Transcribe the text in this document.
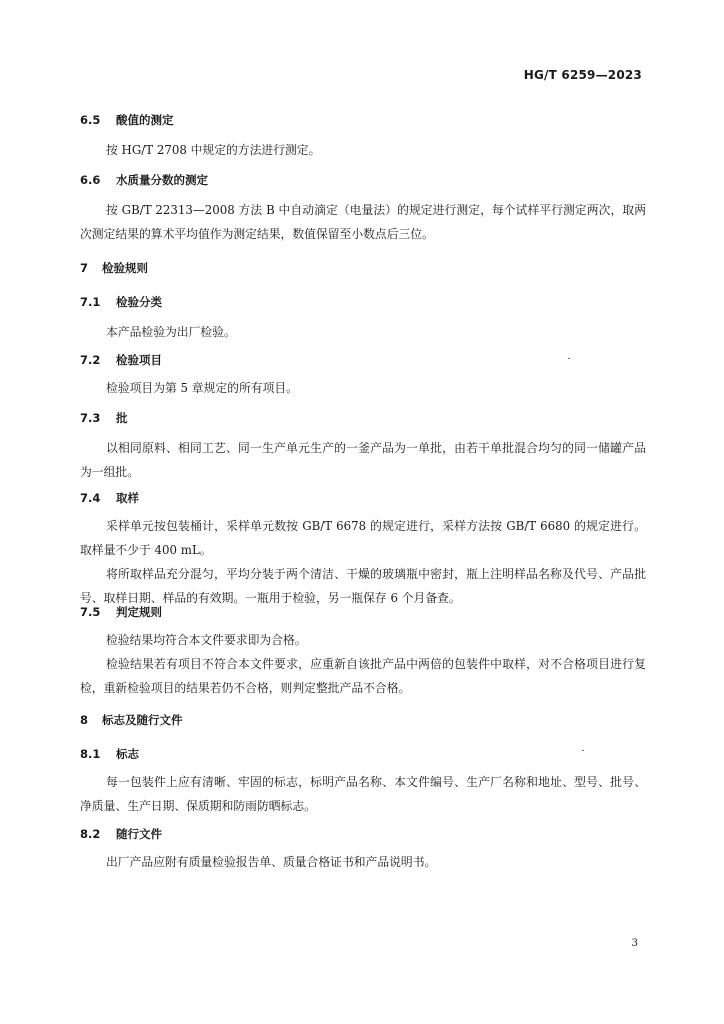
HG/T 6259—2023
6.5 酸值的测定
按 HG/T 2708 中规定的方法进行测定。
6.6 水质量分数的测定
按 GB/T 22313—2008 方法 B 中自动滴定（电量法）的规定进行测定，每个试样平行测定两次，取两次测定结果的算术平均值作为测定结果，数值保留至小数点后三位。
7 检验规则
7.1 检验分类
本产品检验为出厂检验。
7.2 检验项目
检验项目为第 5 章规定的所有项目。
7.3 批
以相同原料、相同工艺、同一生产单元生产的一釜产品为一单批，由若干单批混合均匀的同一储罐产品为一组批。
7.4 取样
采样单元按包装桶计，采样单元数按 GB/T 6678 的规定进行，采样方法按 GB/T 6680 的规定进行。取样量不少于 400 mL。
将所取样品充分混匀，平均分装于两个清洁、干燥的玻璃瓶中密封，瓶上注明样品名称及代号、产品批号、取样日期、样品的有效期。一瓶用于检验，另一瓶保存 6 个月备查。
7.5 判定规则
检验结果均符合本文件要求即为合格。
检验结果若有项目不符合本文件要求，应重新自该批产品中两倍的包装件中取样，对不合格项目进行复检，重新检验项目的结果若仍不合格，则判定整批产品不合格。
8 标志及随行文件
8.1 标志
每一包装件上应有清晰、牢固的标志，标明产品名称、本文件编号、生产厂名称和地址、型号、批号、净质量、生产日期、保质期和防雨防晒标志。
8.2 随行文件
出厂产品应附有质量检验报告单、质量合格证书和产品说明书。
3
